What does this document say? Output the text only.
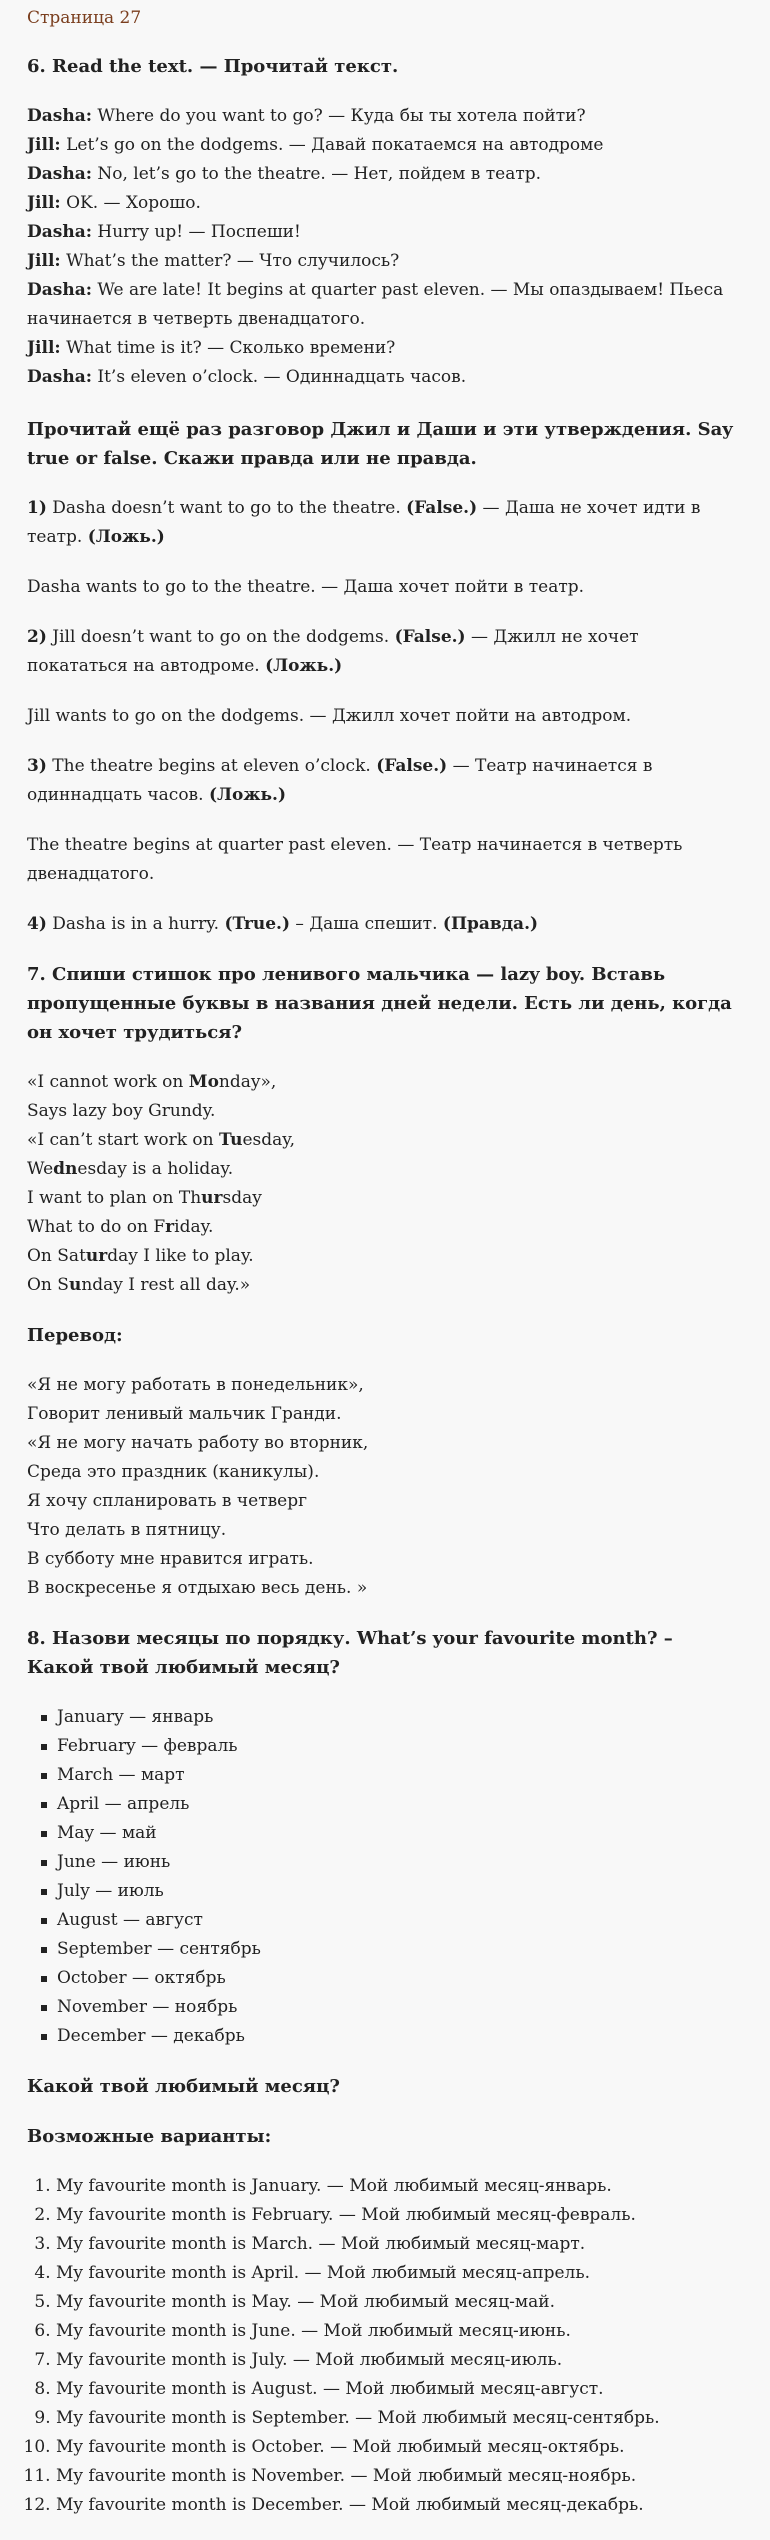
Страница 27
6. Read the text. — Прочитай текст.
Dasha: Where do you want to go? — Куда бы ты хотела пойти?
Jill: Let’s go on the dodgems. — Давай покатаемся на автодроме
Dasha: No, let’s go to the theatre. — Нет, пойдем в театр.
Jill: OK. — Хорошо.
Dasha: Hurry up! — Поспеши!
Jill: What’s the matter? — Что случилось?
Dasha: We are late! It begins at quarter past eleven. — Мы опаздываем! Пьеса начинается в четверть двенадцатого.
Jill: What time is it? — Сколько времени?
Dasha: It’s eleven o’clock. — Одиннадцать часов.
Прочитай ещё раз разговор Джил и Даши и эти утверждения. Say true or false. Скажи правда или не правда.

1) Dasha doesn’t want to go to the theatre. (False.) — Даша не хочет идти в театр. (Ложь.)

Dasha wants to go to the theatre. — Даша хочет пойти в театр.

2) Jill doesn’t want to go on the dodgems. (False.) — Джилл не хочет покататься на автодроме. (Ложь.)

Jill wants to go on the dodgems. — Джилл хочет пойти на автодром.

3) The theatre begins at eleven o’clock. (False.) — Театр начинается в одиннадцать часов. (Ложь.)

The theatre begins at quarter past eleven. — Театр начинается в четверть двенадцатого.

4) Dasha is in a hurry. (True.) – Даша спешит. (Правда.)

7. Спиши стишок про ленивого мальчика — lazy boy. Вставь пропущенные буквы в названия дней недели. Есть ли день, когда он хочет трудиться?
«I cannot work on Monday»,
Says lazy boy Grundy.
«I can’t start work on Tuesday,
Wednesday is a holiday.
I want to plan on Thursday
What to do on Friday.
On Saturday I like to play.
On Sunday I rest all day.»
Перевод:
«Я не могу работать в понедельник»,
Говорит ленивый мальчик Гранди.
«Я не могу начать работу во вторник,
Среда это праздник (каникулы).
Я хочу спланировать в четверг
Что делать в пятницу.
В субботу мне нравится играть.
В воскресенье я отдыхаю весь день. »
8. Назови месяцы по порядку. What’s your favourite month? – Какой твой любимый месяц?
January — январь
February — февраль
March — март
April — апрель
May — май
June — июнь
July — июль
August — август
September — сентябрь
October — октябрь
November — ноябрь
December — декабрь
Какой твой любимый месяц?
Возможные варианты:
1. My favourite month is January. — Мой любимый месяц-январь.
2. My favourite month is February. — Мой любимый месяц-февраль.
3. My favourite month is March. — Мой любимый месяц-март.
4. My favourite month is April. — Мой любимый месяц-апрель.
5. My favourite month is May. — Мой любимый месяц-май.
6. My favourite month is June. — Мой любимый месяц-июнь.
7. My favourite month is July. — Мой любимый месяц-июль.
8. My favourite month is August. — Мой любимый месяц-август.
9. My favourite month is September. — Мой любимый месяц-сентябрь.
10. My favourite month is October. — Мой любимый месяц-октябрь.
11. My favourite month is November. — Мой любимый месяц-ноябрь.
12. My favourite month is December. — Мой любимый месяц-декабрь.
